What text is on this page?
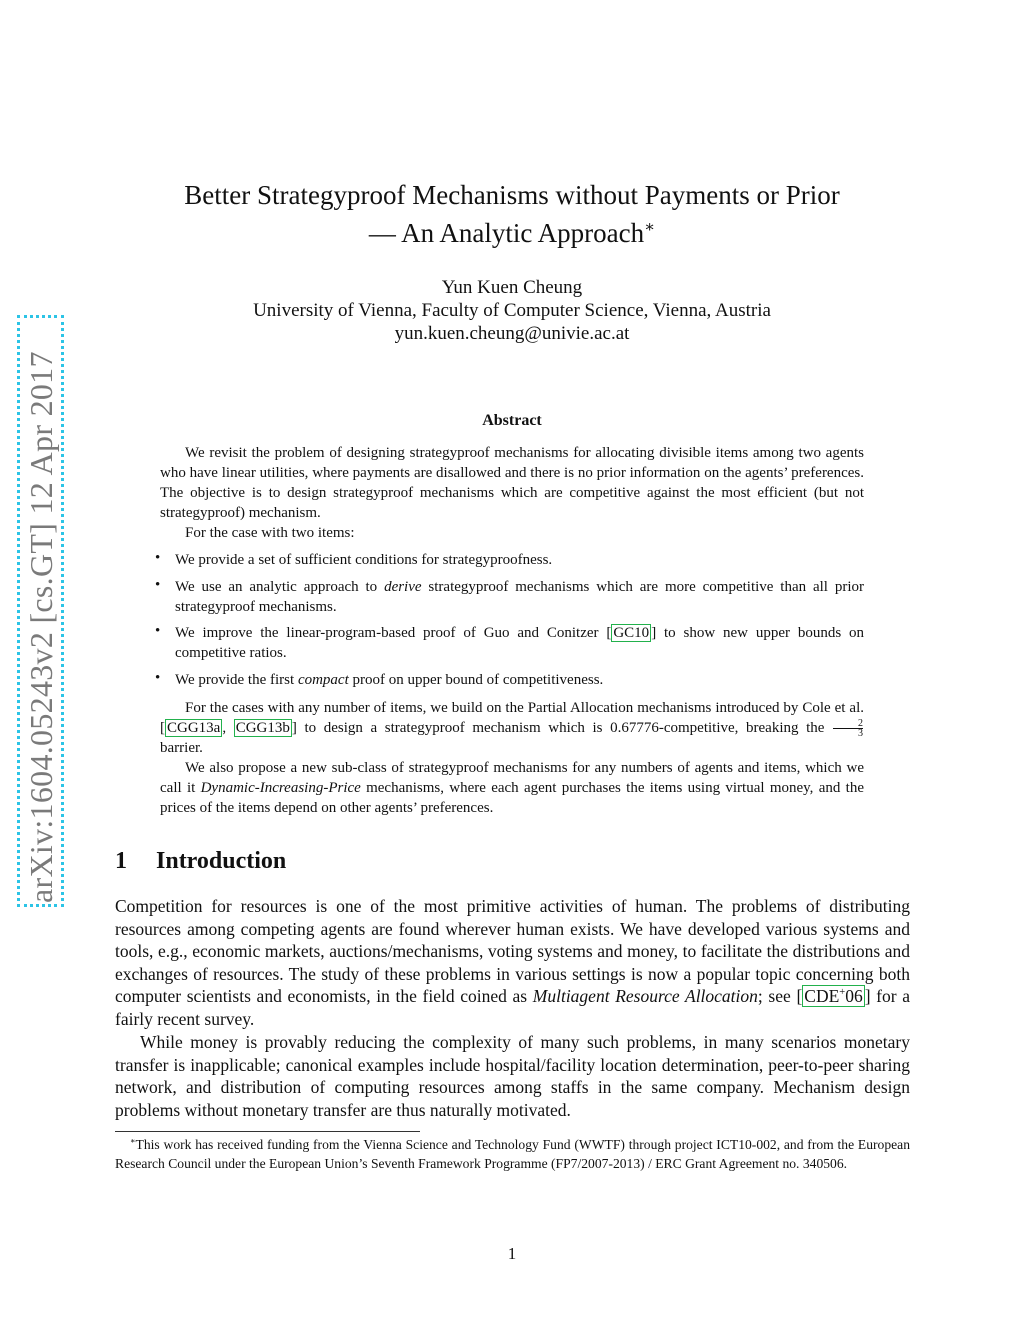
arXiv:1604.05243v2 [cs.GT] 12 Apr 2017
Better Strategyproof Mechanisms without Payments or Prior
— An Analytic Approach∗
Yun Kuen Cheung
University of Vienna, Faculty of Computer Science, Vienna, Austria
yun.kuen.cheung@univie.ac.at
Abstract
We revisit the problem of designing strategyproof mechanisms for allocating divisible items among two agents who have linear utilities, where payments are disallowed and there is no prior information on the agents’ preferences. The objective is to design strategyproof mechanisms which are competitive against the most efficient (but not strategyproof) mechanism.
For the case with two items:
• We provide a set of sufficient conditions for strategyproofness.
• We use an analytic approach to derive strategyproof mechanisms which are more competitive than all prior strategyproof mechanisms.
• We improve the linear-program-based proof of Guo and Conitzer [ GC10 ] to show new upper bounds on competitive ratios.
• We provide the first compact proof on upper bound of competitiveness.
For the cases with any number of items, we build on the Partial Allocation mechanisms introduced by Cole et al. [ CGG13a , CGG13b ] to design a strategyproof mechanism which is 0.67776-competitive, breaking the $\frac{2}{3}$
barrier.
We also propose a new sub-class of strategyproof mechanisms for any numbers of agents and items, which we call it Dynamic-Increasing-Price mechanisms, where each agent purchases the items using virtual money, and the prices of the items depend on other agents’ preferences.
1 Introduction
Competition for resources is one of the most primitive activities of human. The problems of distributing resources among competing agents are found wherever human exists. We have developed various systems and tools, e.g., economic markets, auctions/mechanisms, voting systems and money, to facilitate the distributions and exchanges of resources. The study of these problems in various settings is now a popular topic concerning both computer scientists and economists, in the field coined as Multiagent Resource Allocation; see [ CDE+06 ] for a fairly recent survey.
While money is provably reducing the complexity of many such problems, in many scenarios monetary transfer is inapplicable; canonical examples include hospital/facility location determination, peer-to-peer sharing network, and distribution of computing resources among staffs in the same company. Mechanism design problems without monetary transfer are thus naturally motivated.
∗This work has received funding from the Vienna Science and Technology Fund (WWTF) through project ICT10-002, and from the European Research Council under the European Union’s Seventh Framework Programme (FP7/2007-2013) / ERC Grant Agreement no. 340506.
1
